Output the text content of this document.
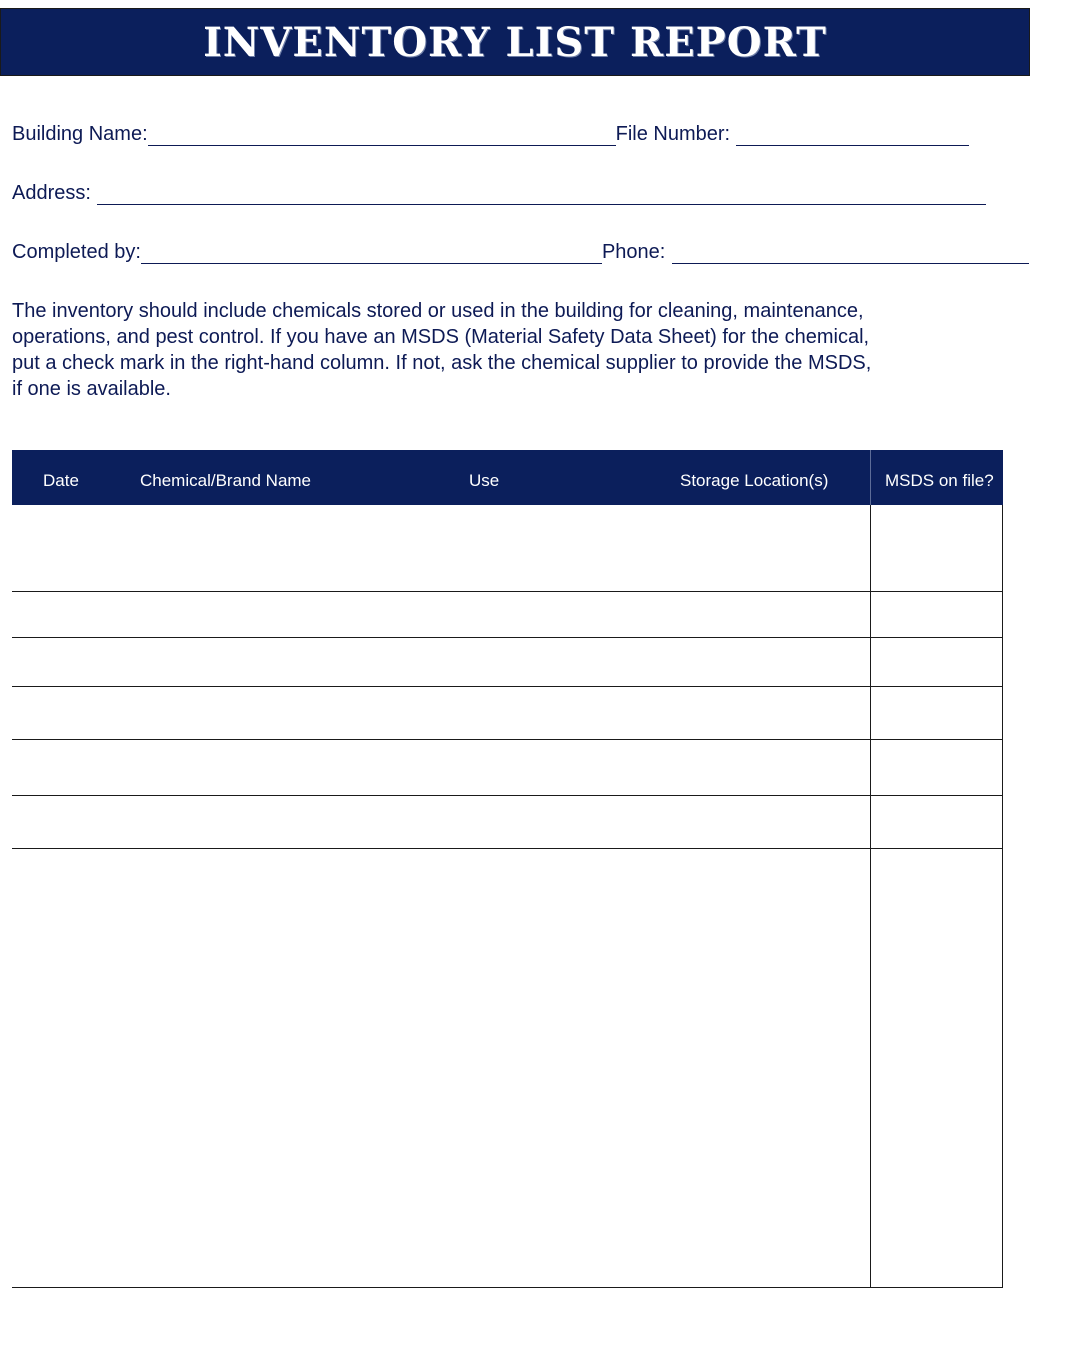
INVENTORY LIST REPORT
Building Name:	File Number:
Address:
Completed by:	Phone:
The inventory should include chemicals stored or used in the building for cleaning, maintenance,
operations, and pest control. If you have an MSDS (Material Safety Data Sheet) for the chemical,
put a check mark in the right-hand column. If not, ask the chemical supplier to provide the MSDS,
if one is available.
Date	Chemical/Brand Name	Use	Storage Location(s)	MSDS on file?
